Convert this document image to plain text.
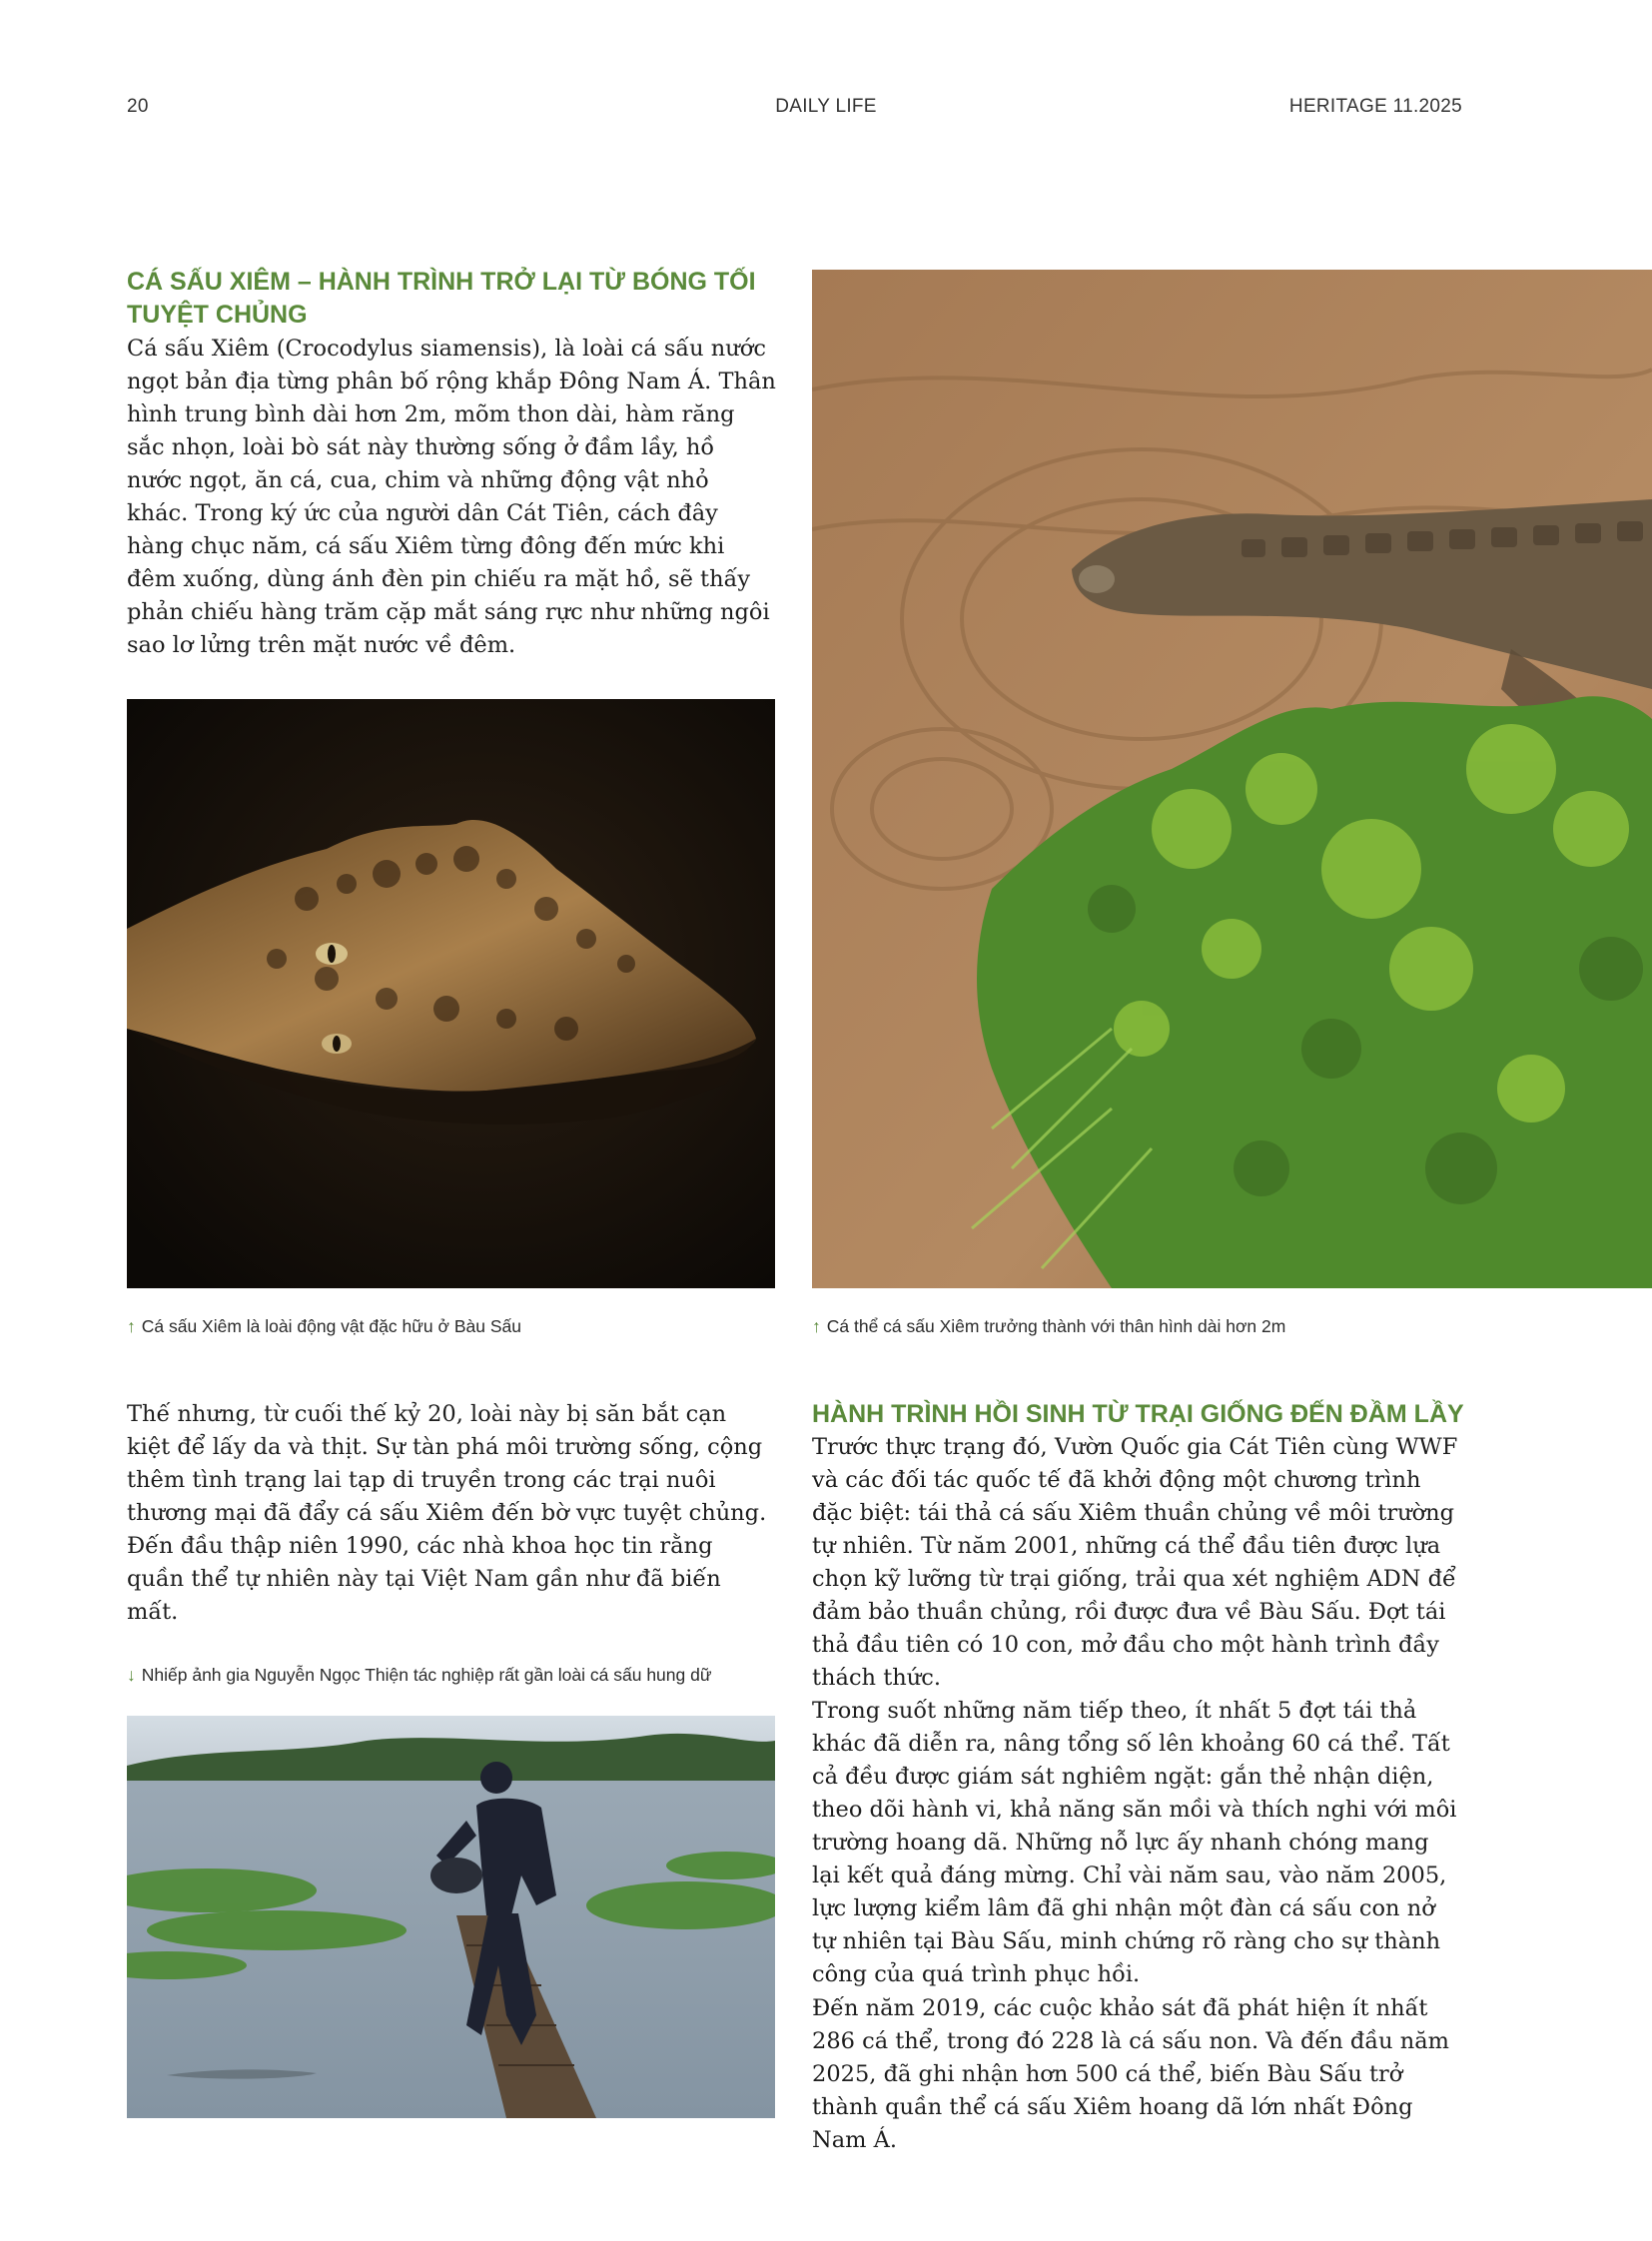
20	DAILY LIFE	HERITAGE 11.2025
CÁ SẤU XIÊM – HÀNH TRÌNH TRỞ LẠI TỪ BÓNG TỐI TUYỆT CHỦNG

Cá sấu Xiêm (Crocodylus siamensis), là loài cá sấu nước ngọt bản địa từng phân bố rộng khắp Đông Nam Á. Thân hình trung bình dài hơn 2m, mõm thon dài, hàm răng sắc nhọn, loài bò sát này thường sống ở đầm lầy, hồ nước ngọt, ăn cá, cua, chim và những động vật nhỏ khác. Trong ký ức của người dân Cát Tiên, cách đây hàng chục năm, cá sấu Xiêm từng đông đến mức khi đêm xuống, dùng ánh đèn pin chiếu ra mặt hồ, sẽ thấy phản chiếu hàng trăm cặp mắt sáng rực như những ngôi sao lơ lửng trên mặt nước về đêm.

↑ Cá sấu Xiêm là loài động vật đặc hữu ở Bàu Sấu	↑ Cá thể cá sấu Xiêm trưởng thành với thân hình dài hơn 2m

Thế nhưng, từ cuối thế kỷ 20, loài này bị săn bắt cạn kiệt để lấy da và thịt. Sự tàn phá môi trường sống, cộng thêm tình trạng lai tạp di truyền trong các trại nuôi thương mại đã đẩy cá sấu Xiêm đến bờ vực tuyệt chủng. Đến đầu thập niên 1990, các nhà khoa học tin rằng quần thể tự nhiên này tại Việt Nam gần như đã biến mất.

↓ Nhiếp ảnh gia Nguyễn Ngọc Thiện tác nghiệp rất gần loài cá sấu hung dữ

HÀNH TRÌNH HỒI SINH TỪ TRẠI GIỐNG ĐẾN ĐẦM LẦY

Trước thực trạng đó, Vườn Quốc gia Cát Tiên cùng WWF và các đối tác quốc tế đã khởi động một chương trình đặc biệt: tái thả cá sấu Xiêm thuần chủng về môi trường tự nhiên. Từ năm 2001, những cá thể đầu tiên được lựa chọn kỹ lưỡng từ trại giống, trải qua xét nghiệm ADN để đảm bảo thuần chủng, rồi được đưa về Bàu Sấu. Đợt tái thả đầu tiên có 10 con, mở đầu cho một hành trình đầy thách thức.

Trong suốt những năm tiếp theo, ít nhất 5 đợt tái thả khác đã diễn ra, nâng tổng số lên khoảng 60 cá thể. Tất cả đều được giám sát nghiêm ngặt: gắn thẻ nhận diện, theo dõi hành vi, khả năng săn mồi và thích nghi với môi trường hoang dã. Những nỗ lực ấy nhanh chóng mang lại kết quả đáng mừng. Chỉ vài năm sau, vào năm 2005, lực lượng kiểm lâm đã ghi nhận một đàn cá sấu con nở tự nhiên tại Bàu Sấu, minh chứng rõ ràng cho sự thành công của quá trình phục hồi.

Đến năm 2019, các cuộc khảo sát đã phát hiện ít nhất 286 cá thể, trong đó 228 là cá sấu non. Và đến đầu năm 2025, đã ghi nhận hơn 500 cá thể, biến Bàu Sấu trở thành quần thể cá sấu Xiêm hoang dã lớn nhất Đông Nam Á.
